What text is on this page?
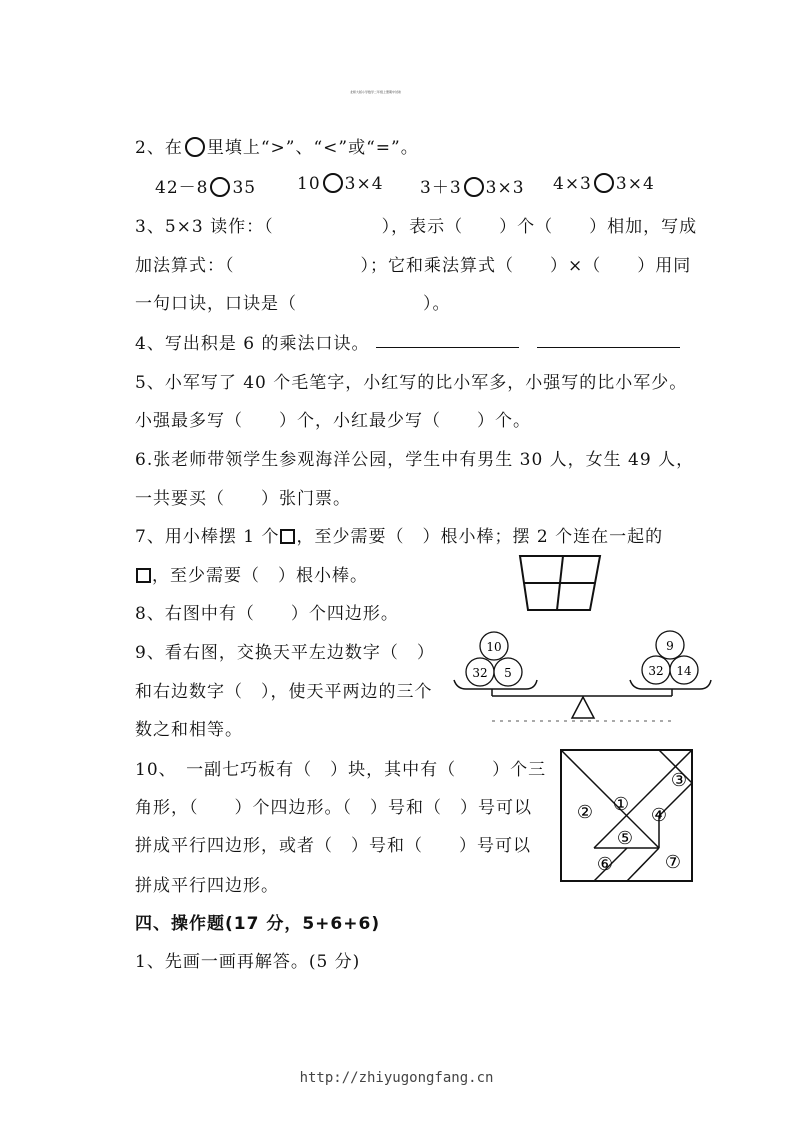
北师大版小学数学二年级上册期中试卷
2、在 里填上“>”、“<”或“=”。
42－8 35 10 3×4 3＋3 3×3 4×3 3×4
3、5×3 读作：（　　　　　　），表示（　　）个（　　）相加，写成
加法算式：（　　　　　　　）；它和乘法算式（　　）×（　　）用同
一句口诀，口诀是（　　　　　　　）。
4、写出积是 6 的乘法口诀。
5、小军写了 40 个毛笔字，小红写的比小军多，小强写的比小军少。
小强最多写（　　）个，小红最少写（　　）个。
6.张老师带领学生参观海洋公园，学生中有男生 30 人，女生 49 人，
一共要买（　　）张门票。
7、用小棒摆 1 个 ，至少需要（　）根小棒；摆 2 个连在一起的
，至少需要（　）根小棒。
8、右图中有（　　）个四边形。
9、看右图，交换天平左边数字（　）
和右边数字（　），使天平两边的三个
数之和相等。
10
32 5
9
32 14
10、　一副七巧板有（　）块，其中有（　　）个三
角形，（　　）个四边形。（　）号和（　）号可以
拼成平行四边形，或者（　）号和（　　）号可以
拼成平行四边形。
①
②
③
④
⑤
⑥	⑦
四、操作题(17 分，5+6+6)
1、先画一画再解答。(5 分)
http://zhiyugongfang.cn
